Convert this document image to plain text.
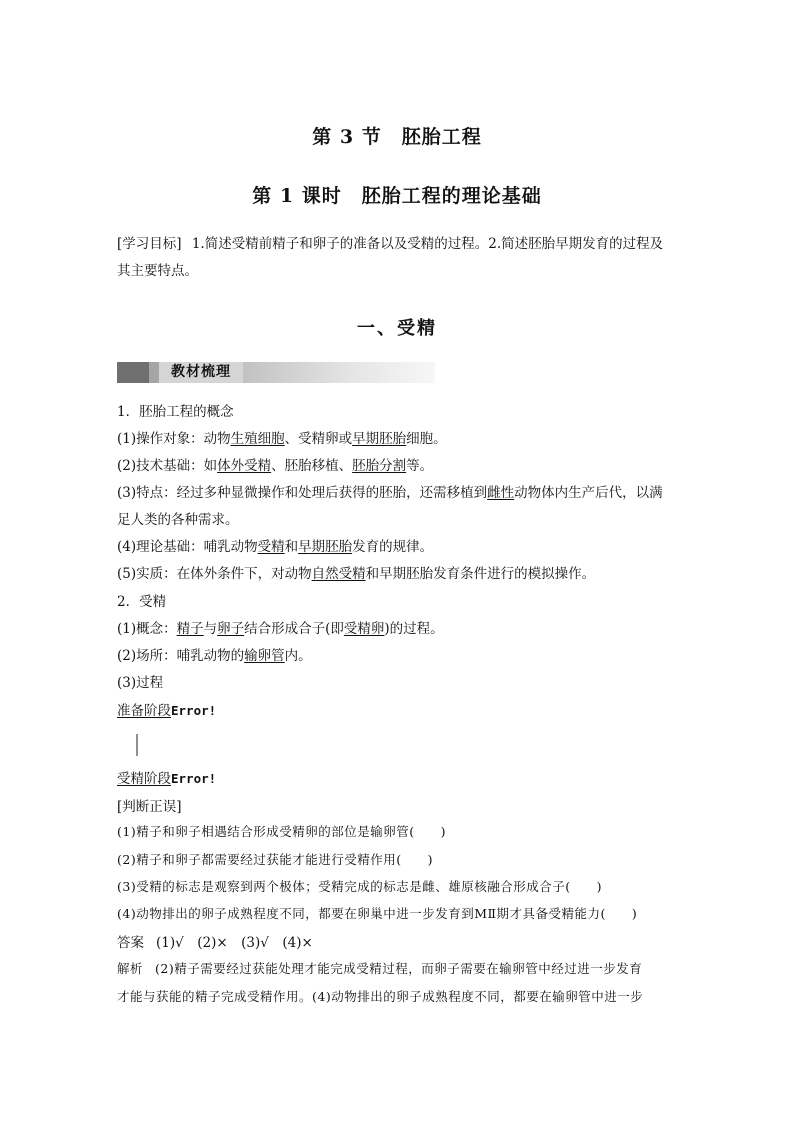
第 3 节　胚胎工程
第 1 课时　胚胎工程的理论基础
[学习目标] 1.简述受精前精子和卵子的准备以及受精的过程。2.简述胚胎早期发育的过程及
其主要特点。
一、受精
教材梳理
1．胚胎工程的概念
(1)操作对象：动物生殖细胞、受精卵或早期胚胎细胞。
(2)技术基础：如体外受精、胚胎移植、胚胎分割等。
(3)特点：经过多种显微操作和处理后获得的胚胎，还需移植到雌性动物体内生产后代，以满
足人类的各种需求。
(4)理论基础：哺乳动物受精和早期胚胎发育的规律。
(5)实质：在体外条件下，对动物自然受精和早期胚胎发育条件进行的模拟操作。
2．受精
(1)概念：精子与卵子结合形成合子(即受精卵)的过程。
(2)场所：哺乳动物的输卵管内。
(3)过程
准备阶段Error!
受精阶段Error!
[判断正误]
(1)精子和卵子相遇结合形成受精卵的部位是输卵管(　　)
(2)精子和卵子都需要经过获能才能进行受精作用(　　)
(3)受精的标志是观察到两个极体；受精完成的标志是雌、雄原核融合形成合子(　　)
(4)动物排出的卵子成熟程度不同，都要在卵巢中进一步发育到MⅡ期才具备受精能力(　　)
答案 (1)√　(2)×　(3)√　(4)×
解析 (2)精子需要经过获能处理才能完成受精过程，而卵子需要在输卵管中经过进一步发育
才能与获能的精子完成受精作用。(4)动物排出的卵子成熟程度不同，都要在输卵管中进一步
